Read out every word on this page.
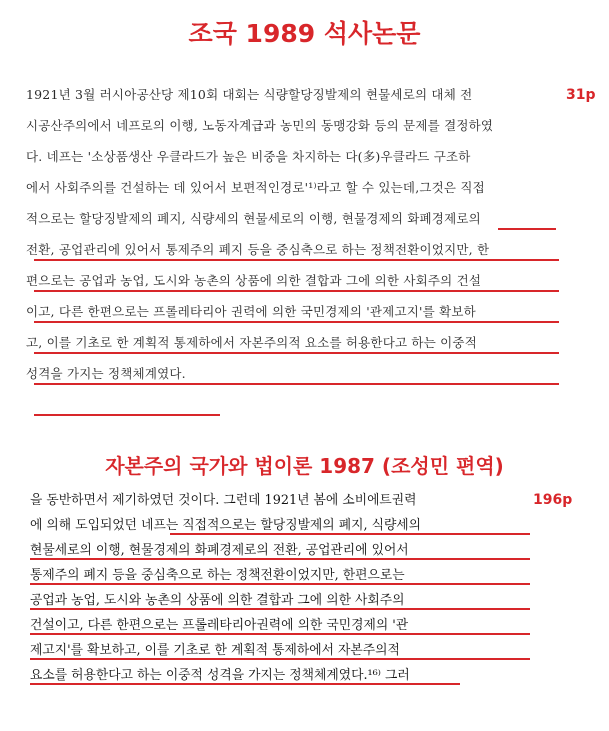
조국 1989 석사논문
31p
1921년 3월 러시아공산당 제10회 대회는 식량할당징발제의 현물세로의 대체 전
시공산주의에서 네프로의 이행, 노동자계급과 농민의 동맹강화 등의 문제를 결정하였
다. 네프는 '소상품생산 우클라드가 높은 비중을 차지하는 다(多)우클라드 구조하
에서 사회주의를 건설하는 데 있어서 보편적인경로'¹⁾라고 할 수 있는데,그것은 직접
적으로는 할당징발제의 폐지, 식량세의 현물세로의 이행, 현물경제의 화폐경제로의
전환, 공업관리에 있어서 통제주의 폐지 등을 중심축으로 하는 정책전환이었지만, 한
편으로는 공업과 농업, 도시와 농촌의 상품에 의한 결합과 그에 의한 사회주의 건설
이고, 다른 한편으로는 프롤레타리아 권력에 의한 국민경제의 '관제고지'를 확보하
고, 이를 기초로 한 계획적 통제하에서 자본주의적 요소를 허용한다고 하는 이중적
성격을 가지는 정책체계였다.
자본주의 국가와 법이론 1987 (조성민 편역)
196p
을 동반하면서 제기하였던 것이다. 그런데 1921년 봄에 소비에트권력
에 의해 도입되었던 네프는 직접적으로는 할당징발제의 폐지, 식량세의
현물세로의 이행, 현물경제의 화폐경제로의 전환, 공업관리에 있어서
통제주의 폐지 등을 중심축으로 하는 정책전환이었지만, 한편으로는
공업과 농업, 도시와 농촌의 상품에 의한 결합과 그에 의한 사회주의
건설이고, 다른 한편으로는 프롤레타리아권력에 의한 국민경제의 '관
제고지'를 확보하고, 이를 기초로 한 계획적 통제하에서 자본주의적
요소를 허용한다고 하는 이중적 성격을 가지는 정책체계였다.¹⁶⁾ 그러
